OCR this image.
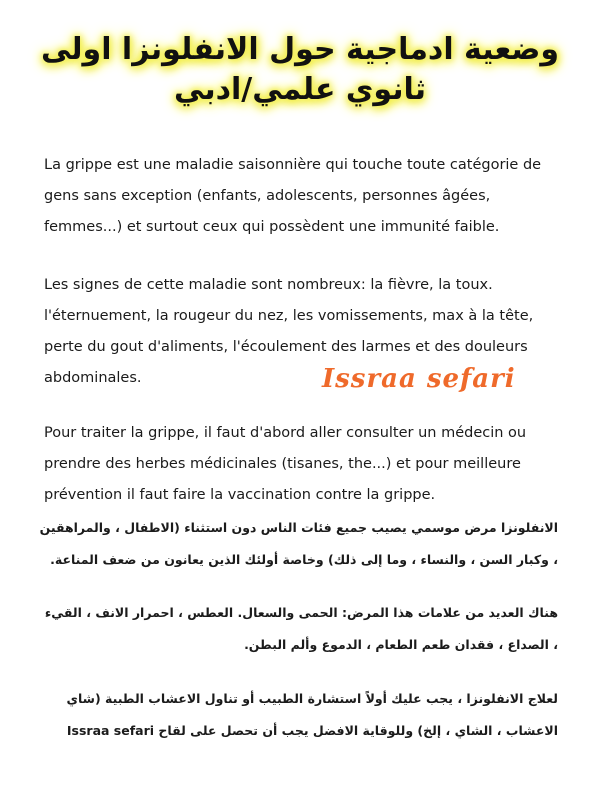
وضعية ادماجية حول الانفلونزا اولى
ثانوي علمي/ادبي

La grippe est une maladie saisonnière qui touche toute catégorie de gens sans exception (enfants, adolescents, personnes âgées, femmes...) et surtout ceux qui possèdent une immunité faible.

Les signes de cette maladie sont nombreux: la fièvre, la toux. l'éternuement, la rougeur du nez, les vomissements, max à la tête, perte du gout d'aliments, l'écoulement des larmes et des douleurs abdominales.	Issraa sefari

Pour traiter la grippe, il faut d'abord aller consulter un médecin ou prendre des herbes médicinales (tisanes, the...) et pour meilleure prévention il faut faire la vaccination contre la grippe.

الانفلونزا مرض موسمي يصيب جميع فئات الناس دون استثناء (الاطفال ، والمراهقين ، وكبار السن ، والنساء ، وما إلى ذلك) وخاصة أولئك الذين يعانون من ضعف المناعة.

هناك العديد من علامات هذا المرض: الحمى والسعال. العطس ، احمرار الانف ، القيء ، الصداع ، فقدان طعم الطعام ، الدموع وألم البطن.

لعلاج الانفلونزا ، يجب عليك أولاً استشارة الطبيب أو تناول الاعشاب الطبية (شاي الاعشاب ، الشاي ، إلخ) وللوقاية الافضل يجب أن تحصل على لقاح Issraa sefari
